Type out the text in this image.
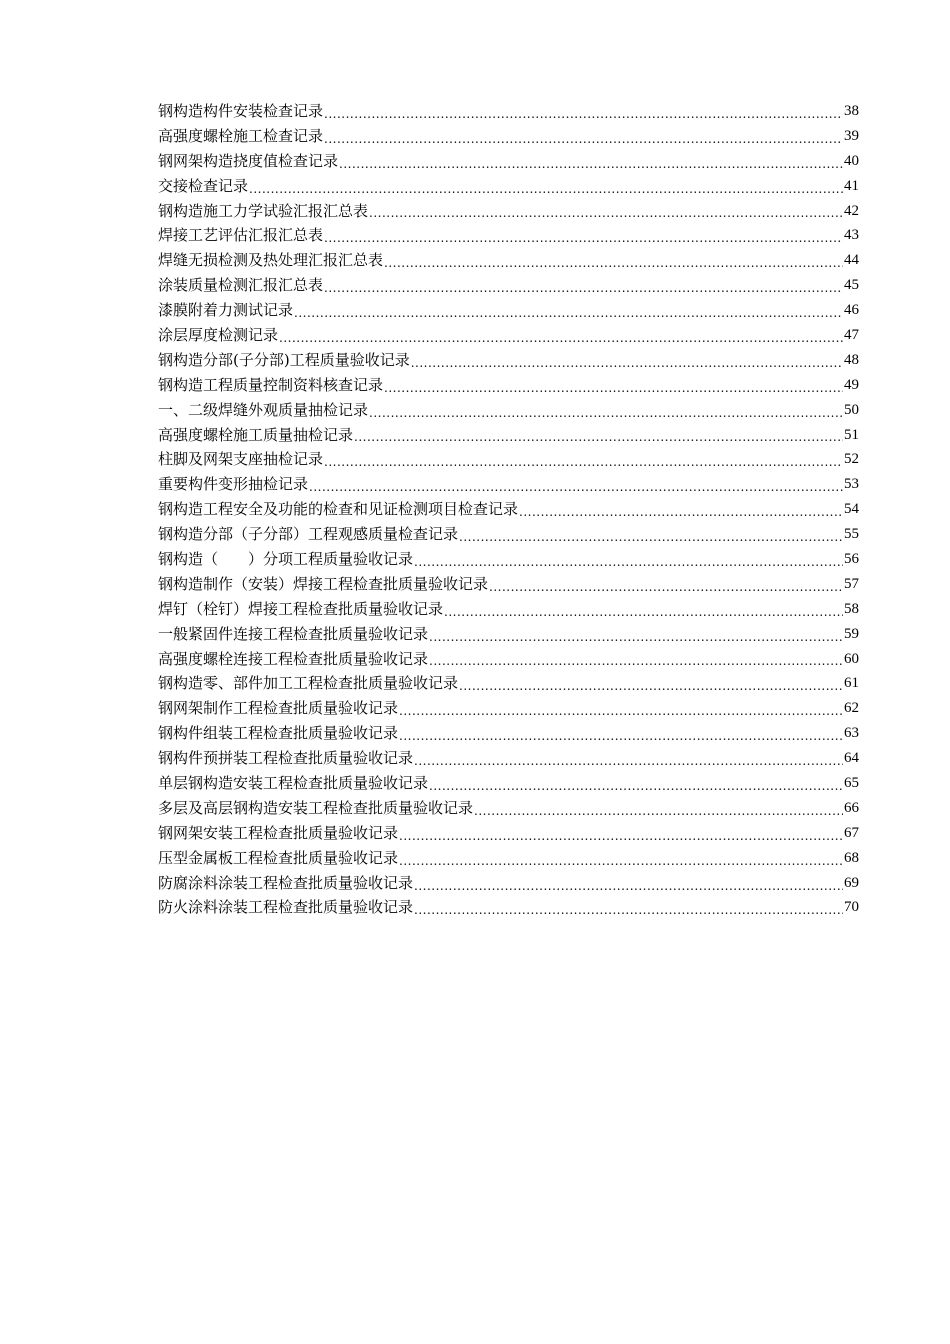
钢构造构件安装检查记录 .....	38
高强度螺栓施工检查记录 .....	39
钢网架构造挠度值检查记录 .....	40
交接检查记录 .....	41
钢构造施工力学试验汇报汇总表 .....	42
焊接工艺评估汇报汇总表 .....	43
焊缝无损检测及热处理汇报汇总表 .....	44
涂装质量检测汇报汇总表 .....	45
漆膜附着力测试记录 .....	46
涂层厚度检测记录 .....	47
钢构造分部(子分部)工程质量验收记录 .....	48
钢构造工程质量控制资料核查记录 .....	49
一、二级焊缝外观质量抽检记录 .....	50
高强度螺栓施工质量抽检记录 .....	51
柱脚及网架支座抽检记录 .....	52
重要构件变形抽检记录 .....	53
钢构造工程安全及功能的检查和见证检测项目检查记录 .....	54
钢构造分部（子分部）工程观感质量检查记录 .....	55
钢构造（　　）分项工程质量验收记录 .....	56
钢构造制作（安装）焊接工程检查批质量验收记录 .....	57
焊钉（栓钉）焊接工程检查批质量验收记录 .....	58
一般紧固件连接工程检查批质量验收记录 .....	59
高强度螺栓连接工程检查批质量验收记录 .....	60
钢构造零、部件加工工程检查批质量验收记录 .....	61
钢网架制作工程检查批质量验收记录 .....	62
钢构件组装工程检查批质量验收记录 .....	63
钢构件预拼装工程检查批质量验收记录 .....	64
单层钢构造安装工程检查批质量验收记录 .....	65
多层及高层钢构造安装工程检查批质量验收记录 .....	66
钢网架安装工程检查批质量验收记录 .....	67
压型金属板工程检查批质量验收记录 .....	68
防腐涂料涂装工程检查批质量验收记录 .....	69
防火涂料涂装工程检查批质量验收记录 .....	70
